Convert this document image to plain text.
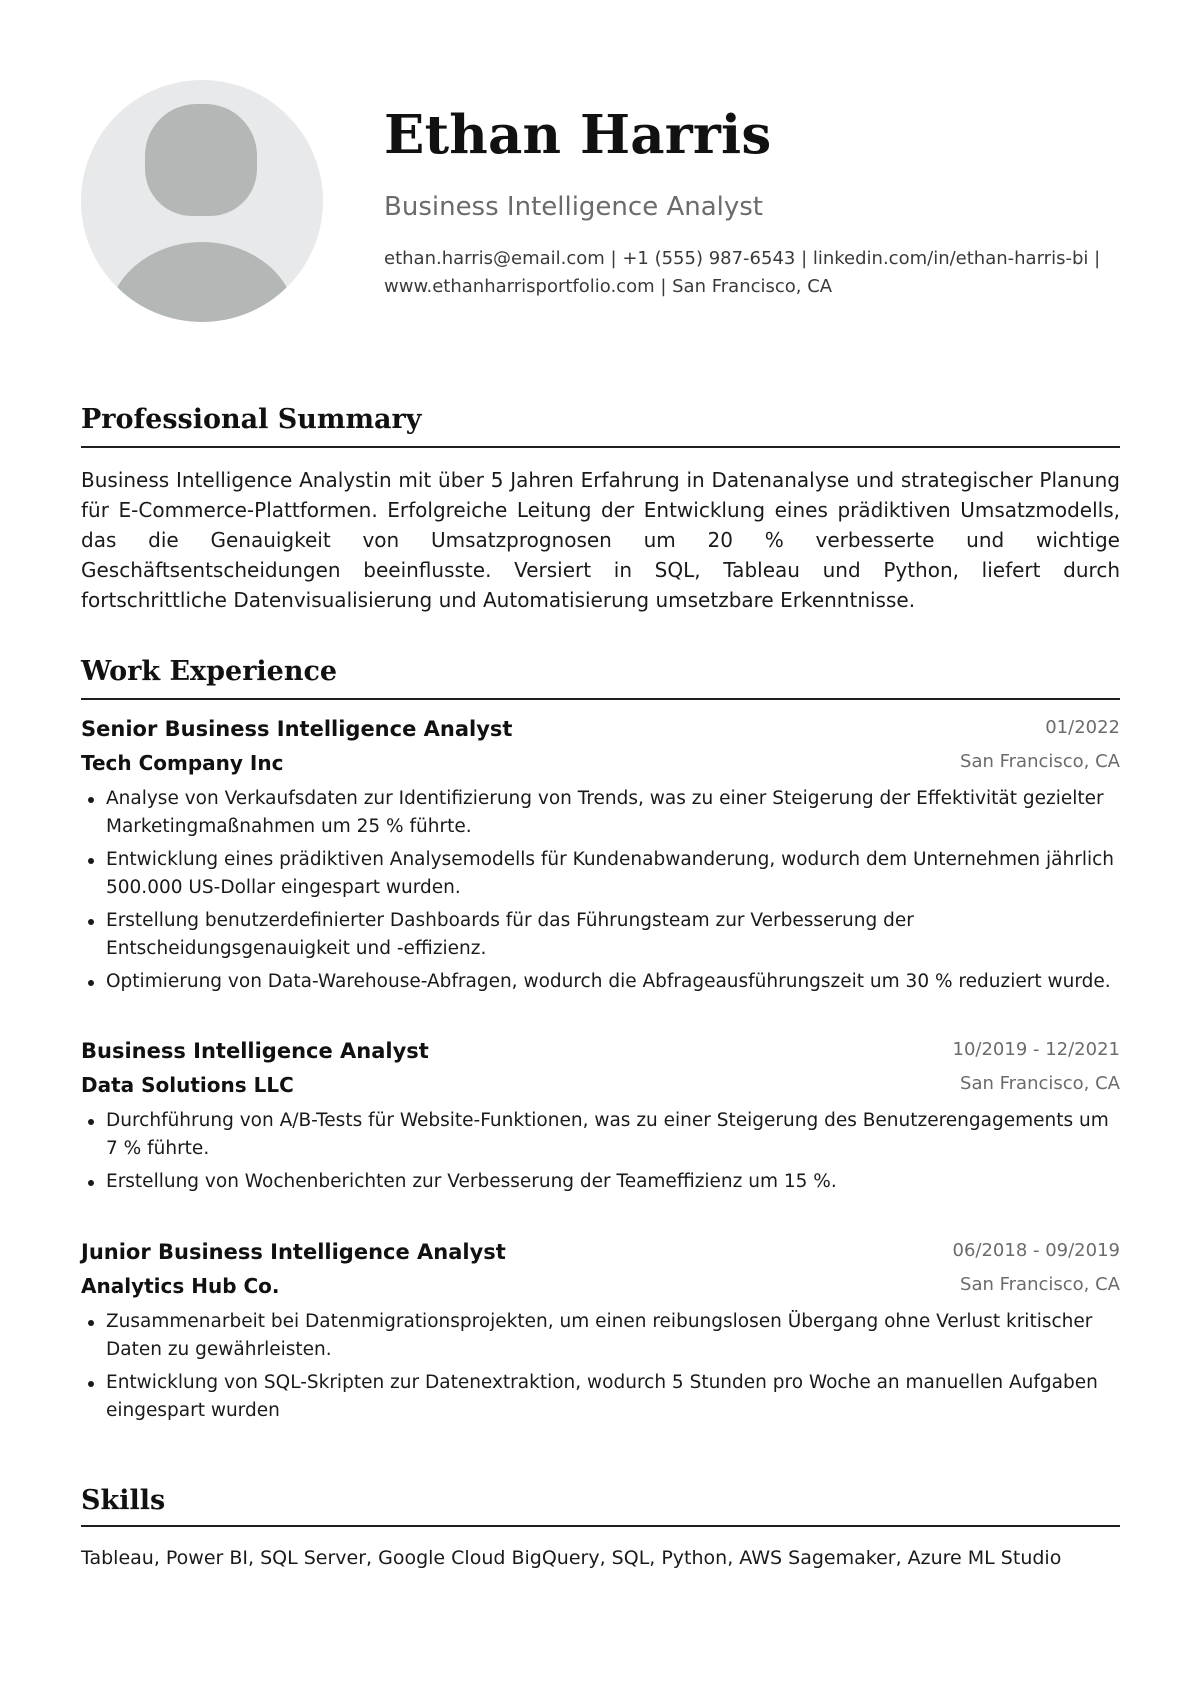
Ethan Harris

Business Intelligence Analyst

ethan.harris@email.com | +1 (555) 987-6543 | linkedin.com/in/ethan-harris-bi | www.ethanharrisportfolio.com | San Francisco, CA

Professional Summary

Business Intelligence Analystin mit über 5 Jahren Erfahrung in Datenanalyse und strategischer Planung für E-Commerce-Plattformen. Erfolgreiche Leitung der Entwicklung eines prädiktiven Umsatzmodells, das die Genauigkeit von Umsatzprognosen um 20 % verbesserte und wichtige Geschäftsentscheidungen beeinflusste. Versiert in SQL, Tableau und Python, liefert durch fortschrittliche Datenvisualisierung und Automatisierung umsetzbare Erkenntnisse.

Work Experience
Senior Business Intelligence Analyst	01/2022
Tech Company Inc	San Francisco, CA
Analyse von Verkaufsdaten zur Identifizierung von Trends, was zu einer Steigerung der Effektivität gezielter Marketingmaßnahmen um 25 % führte.
Entwicklung eines prädiktiven Analysemodells für Kundenabwanderung, wodurch dem Unternehmen jährlich 500.000 US-Dollar eingespart wurden.
Erstellung benutzerdefinierter Dashboards für das Führungsteam zur Verbesserung der Entscheidungsgenauigkeit und -effizienz.
Optimierung von Data-Warehouse-Abfragen, wodurch die Abfrageausführungszeit um 30 % reduziert wurde.
Business Intelligence Analyst	10/2019 - 12/2021
Data Solutions LLC	San Francisco, CA
Durchführung von A/B-Tests für Website-Funktionen, was zu einer Steigerung des Benutzerengagements um 7 % führte.
Erstellung von Wochenberichten zur Verbesserung der Teameffizienz um 15 %.
Junior Business Intelligence Analyst	06/2018 - 09/2019
Analytics Hub Co.	San Francisco, CA
Zusammenarbeit bei Datenmigrationsprojekten, um einen reibungslosen Übergang ohne Verlust kritischer Daten zu gewährleisten.
Entwicklung von SQL-Skripten zur Datenextraktion, wodurch 5 Stunden pro Woche an manuellen Aufgaben eingespart wurden
Skills

Tableau, Power BI, SQL Server, Google Cloud BigQuery, SQL, Python, AWS Sagemaker, Azure ML Studio
